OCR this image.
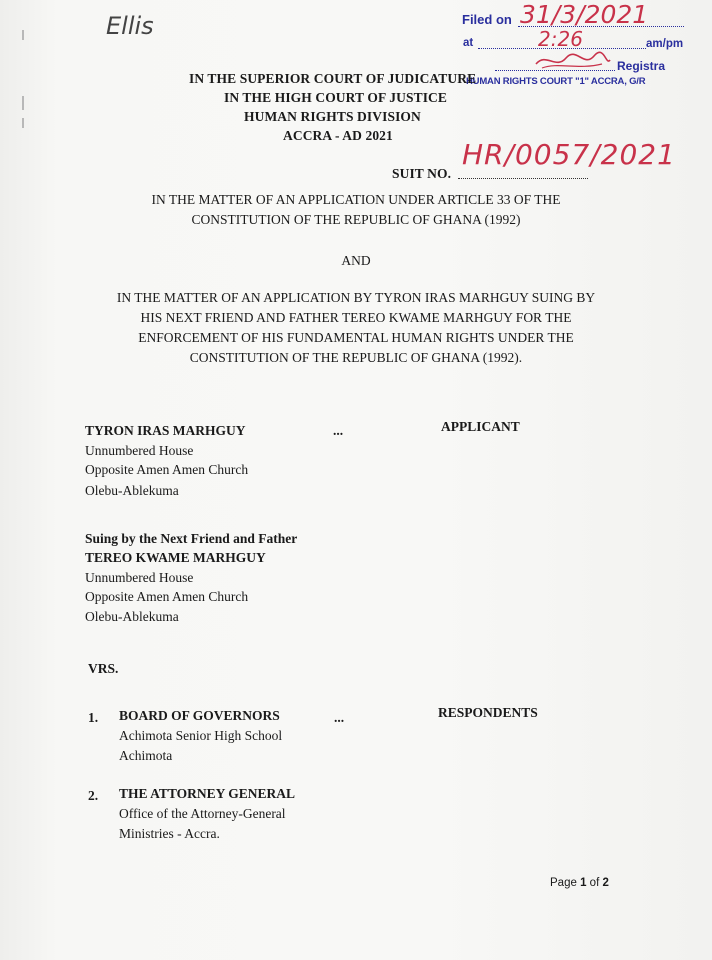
Ellis	Filed on 31/3/2021
at	2:26	am/pm
Registra
HUMAN RIGHTS COURT "1" ACCRA, G/R
IN THE SUPERIOR COURT OF JUDICATURE
IN THE HIGH COURT OF JUSTICE
HUMAN RIGHTS DIVISION
ACCRA - AD 2021
SUIT NO.
HR/0057/2021
IN THE MATTER OF AN APPLICATION UNDER ARTICLE 33 OF THE
CONSTITUTION OF THE REPUBLIC OF GHANA (1992)
AND
IN THE MATTER OF AN APPLICATION BY TYRON IRAS MARHGUY SUING BY
HIS NEXT FRIEND AND FATHER TEREO KWAME MARHGUY FOR THE
ENFORCEMENT OF HIS FUNDAMENTAL HUMAN RIGHTS UNDER THE
CONSTITUTION OF THE REPUBLIC OF GHANA (1992).
TYRON IRAS MARHGUY
Unnumbered House
Opposite Amen Amen Church
Olebu-Ablekuma
...	APPLICANT
Suing by the Next Friend and Father
TEREO KWAME MARHGUY
Unnumbered House
Opposite Amen Amen Church
Olebu-Ablekuma
VRS.
1. BOARD OF GOVERNORS
Achimota Senior High School
Achimota
...	RESPONDENTS
2. THE ATTORNEY GENERAL
Office of the Attorney-General
Ministries - Accra.
Page 1 of 2
